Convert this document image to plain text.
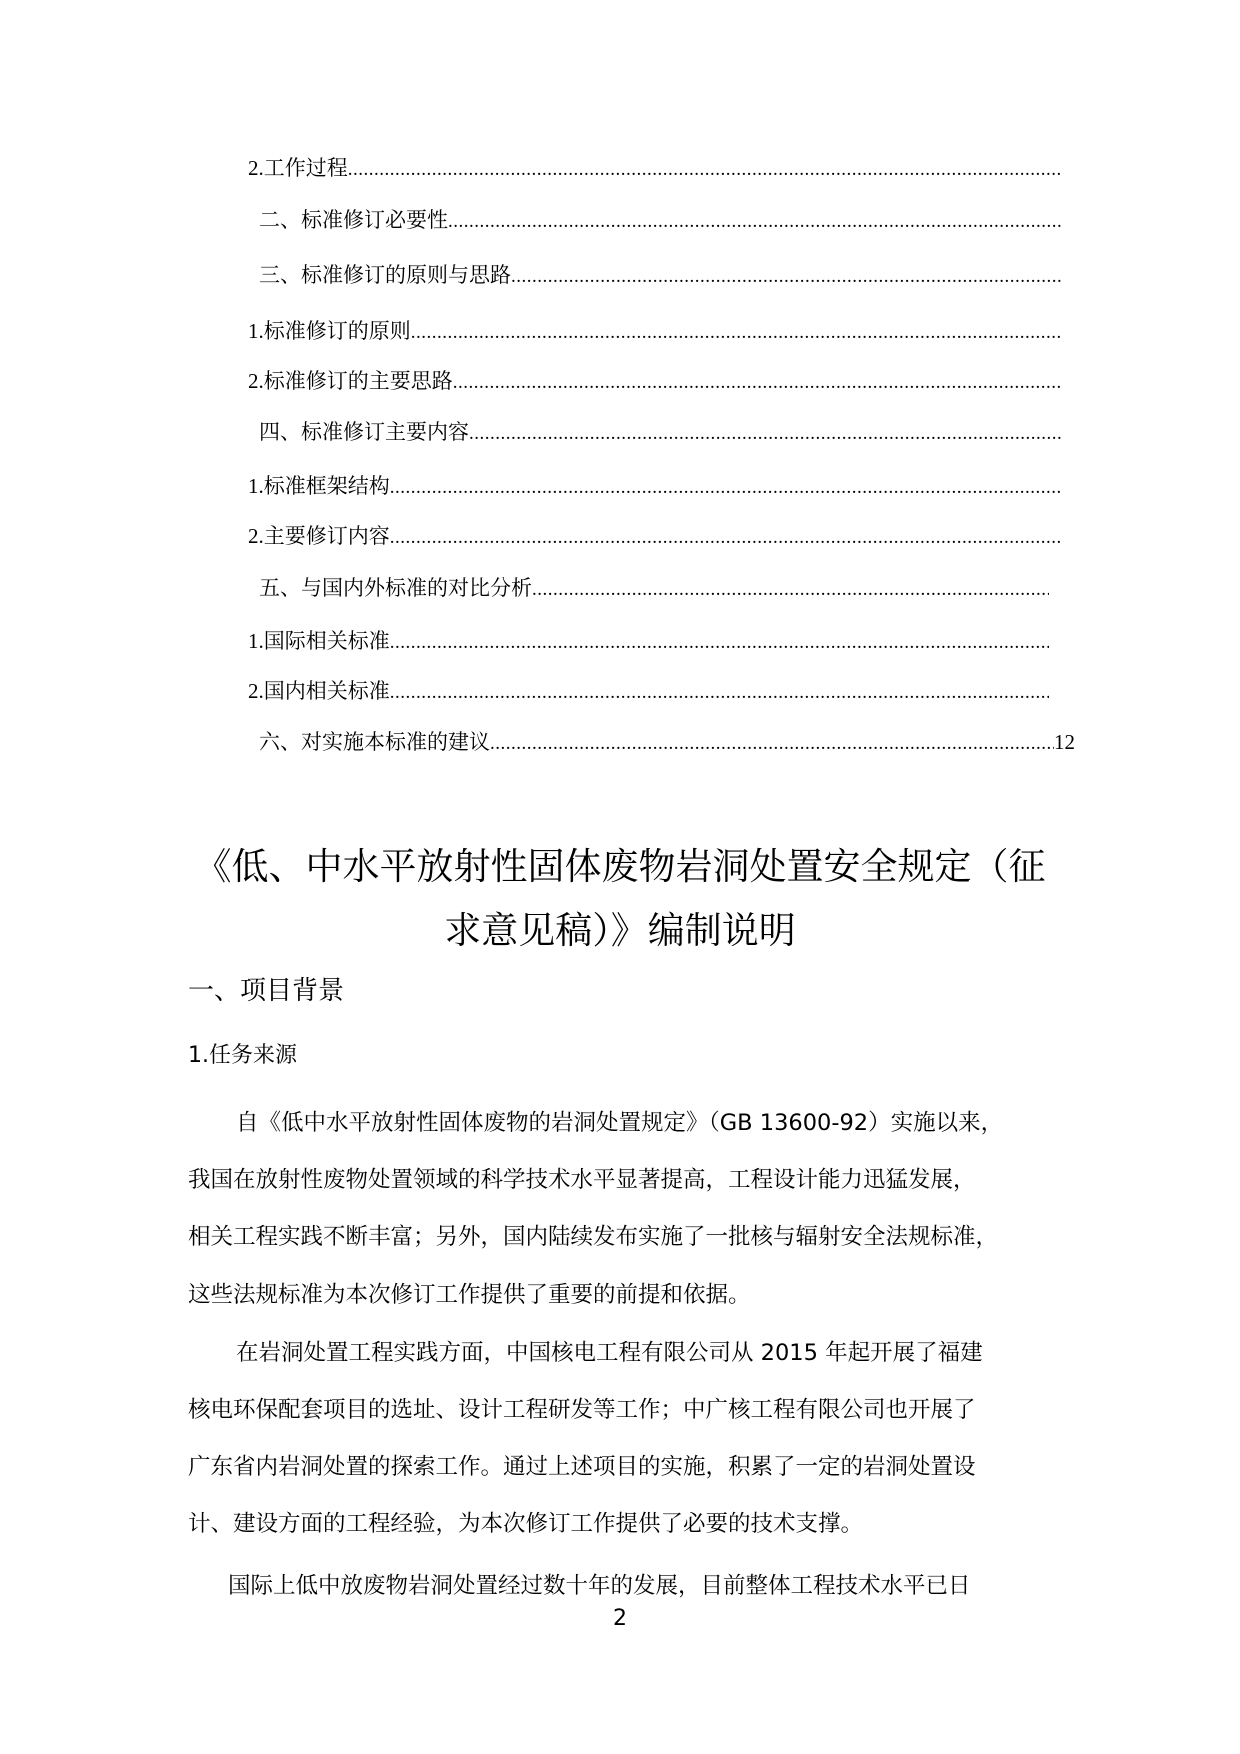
2.工作过程
.....
二、标准修订必要性
.....
三、标准修订的原则与思路
.....
1.标准修订的原则
.....
2.标准修订的主要思路
.....
四、标准修订主要内容
.....
1.标准框架结构
.....
2.主要修订内容
.....
五、与国内外标准的对比分析
.....
1.国际相关标准
.....
2.国内相关标准
.....
六、对实施本标准的建议 .....	12
《低、中水平放射性固体废物岩洞处置安全规定（征
求意见稿）》编制说明
一、项目背景
1.任务来源
自《低中水平放射性固体废物的岩洞处置规定》（GB 13600-92）实施以来，
我国在放射性废物处置领域的科学技术水平显著提高，工程设计能力迅猛发展，
相关工程实践不断丰富；另外，国内陆续发布实施了一批核与辐射安全法规标准，
这些法规标准为本次修订工作提供了重要的前提和依据。
在岩洞处置工程实践方面，中国核电工程有限公司从 2015 年起开展了福建
核电环保配套项目的选址、设计工程研发等工作；中广核工程有限公司也开展了
广东省内岩洞处置的探索工作。通过上述项目的实施，积累了一定的岩洞处置设
计、建设方面的工程经验，为本次修订工作提供了必要的技术支撑。
国际上低中放废物岩洞处置经过数十年的发展，目前整体工程技术水平已日
2
